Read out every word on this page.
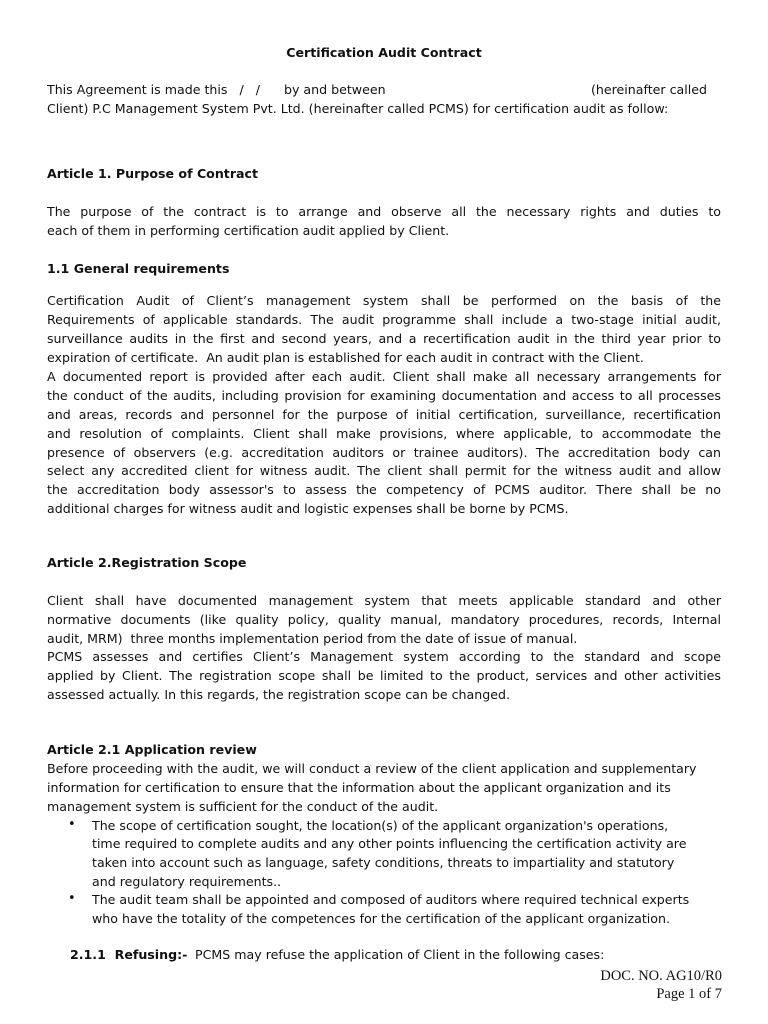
Certification Audit Contract
This Agreement is made this   /   /      by and between	(hereinafter called
Client) P.C Management System Pvt. Ltd. (hereinafter called PCMS) for certification audit as follow:
Article 1. Purpose of Contract
The purpose of the contract is to arrange and observe all the necessary rights and duties to
each of them in performing certification audit applied by Client.
1.1 General requirements
Certification Audit of Client’s management system shall be performed on the basis of the
Requirements of applicable standards. The audit programme shall include a two-stage initial audit,
surveillance audits in the first and second years, and a recertification audit in the third year prior to
expiration of certificate.  An audit plan is established for each audit in contract with the Client.
A documented report is provided after each audit. Client shall make all necessary arrangements for
the conduct of the audits, including provision for examining documentation and access to all processes
and areas, records and personnel for the purpose of initial certification, surveillance, recertification
and resolution of complaints. Client shall make provisions, where applicable, to accommodate the
presence of observers (e.g. accreditation auditors or trainee auditors). The accreditation body can
select any accredited client for witness audit. The client shall permit for the witness audit and allow
the accreditation body assessor's to assess the competency of PCMS auditor. There shall be no
additional charges for witness audit and logistic expenses shall be borne by PCMS.
Article 2.Registration Scope
Client shall have documented management system that meets applicable standard and other
normative documents (like quality policy, quality manual, mandatory procedures, records, Internal
audit, MRM)  three months implementation period from the date of issue of manual.
PCMS assesses and certifies Client’s Management system according to the standard and scope
applied by Client. The registration scope shall be limited to the product, services and other activities
assessed actually. In this regards, the registration scope can be changed.
Article 2.1 Application review
Before proceeding with the audit, we will conduct a review of the client application and supplementary
information for certification to ensure that the information about the applicant organization and its
management system is sufficient for the conduct of the audit.
• The scope of certification sought, the location(s) of the applicant organization's operations,
time required to complete audits and any other points influencing the certification activity are
taken into account such as language, safety conditions, threats to impartiality and statutory
and regulatory requirements..
• The audit team shall be appointed and composed of auditors where required technical experts
who have the totality of the competences for the certification of the applicant organization.
2.1.1  Refusing:- PCMS may refuse the application of Client in the following cases:
DOC. NO. AG10/R0
Page 1 of 7
